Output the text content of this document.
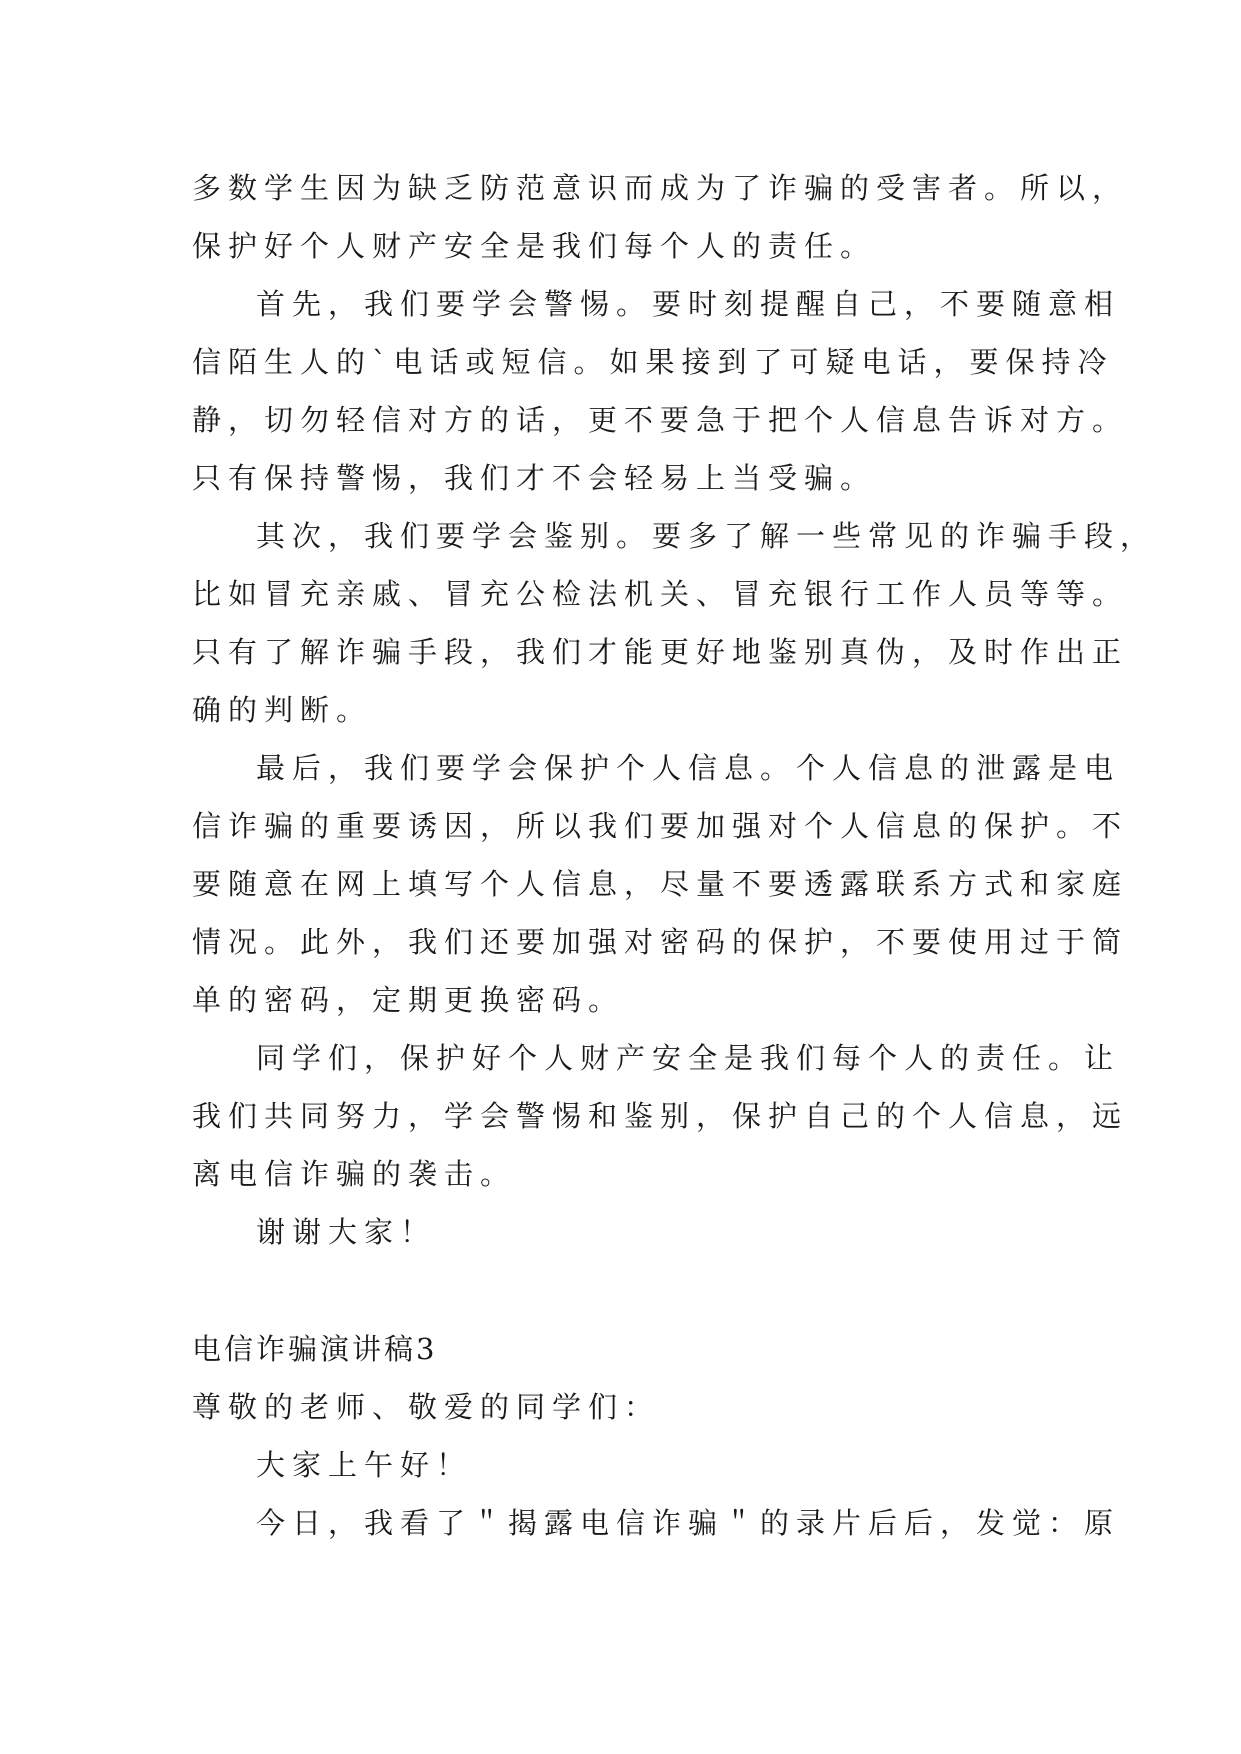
多数学生因为缺乏防范意识而成为了诈骗的受害者。所以，

保护好个人财产安全是我们每个人的责任。

首先，我们要学会警惕。要时刻提醒自己，不要随意相

信陌生人的`电话或短信。如果接到了可疑电话，要保持冷

静，切勿轻信对方的话，更不要急于把个人信息告诉对方。

只有保持警惕，我们才不会轻易上当受骗。

其次，我们要学会鉴别。要多了解一些常见的诈骗手段，

比如冒充亲戚、冒充公检法机关、冒充银行工作人员等等。

只有了解诈骗手段，我们才能更好地鉴别真伪，及时作出正

确的判断。

最后，我们要学会保护个人信息。个人信息的泄露是电

信诈骗的重要诱因，所以我们要加强对个人信息的保护。不

要随意在网上填写个人信息，尽量不要透露联系方式和家庭

情况。此外，我们还要加强对密码的保护，不要使用过于简

单的密码，定期更换密码。

同学们，保护好个人财产安全是我们每个人的责任。让

我们共同努力，学会警惕和鉴别，保护自己的个人信息，远

离电信诈骗的袭击。

谢谢大家！

电信诈骗演讲稿3

尊敬的老师、敬爱的同学们：

大家上午好！

今日，我看了＂揭露电信诈骗＂的录片后后，发觉：原
